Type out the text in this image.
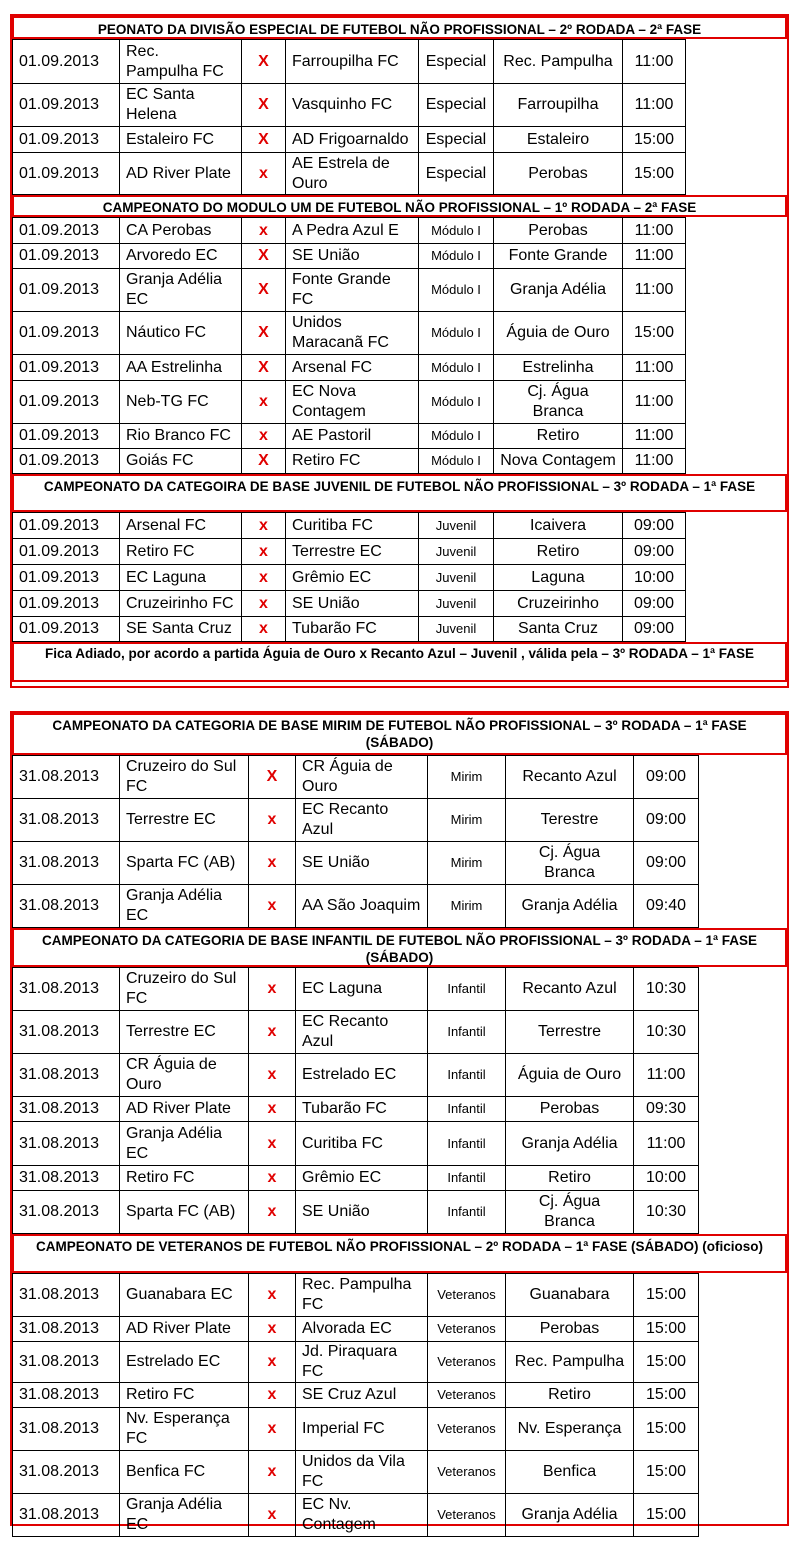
PEONATO DA DIVISÃO ESPECIAL DE FUTEBOL NÃO PROFISSIONAL – 2º RODADA – 2ª FASE
01.09.2013	Rec. Pampulha FC	X	Farroupilha FC	Especial	Rec. Pampulha	11:00
01.09.2013	EC Santa Helena	X	Vasquinho FC	Especial	Farroupilha	11:00
01.09.2013	Estaleiro FC	X	AD Frigoarnaldo	Especial	Estaleiro	15:00
01.09.2013	AD River Plate	x	AE Estrela de Ouro	Especial	Perobas	15:00
CAMPEONATO DO MODULO UM DE FUTEBOL NÃO PROFISSIONAL – 1º RODADA – 2ª FASE
01.09.2013	CA Perobas	x	A Pedra Azul E	Módulo I	Perobas	11:00
01.09.2013	Arvoredo EC	X	SE União	Módulo I	Fonte Grande	11:00
01.09.2013	Granja Adélia EC	X	Fonte Grande FC	Módulo I	Granja Adélia	11:00
01.09.2013	Náutico FC	X	Unidos Maracanã FC	Módulo I	Águia de Ouro	15:00
01.09.2013	AA Estrelinha	X	Arsenal FC	Módulo I	Estrelinha	11:00
01.09.2013	Neb-TG FC	x	EC Nova Contagem	Módulo I	Cj. Água Branca	11:00
01.09.2013	Rio Branco FC	x	AE Pastoril	Módulo I	Retiro	11:00
01.09.2013	Goiás FC	X	Retiro FC	Módulo I	Nova Contagem	11:00
CAMPEONATO DA CATEGOIRA DE BASE JUVENIL DE FUTEBOL NÃO PROFISSIONAL – 3º RODADA – 1ª FASE
01.09.2013	Arsenal FC	x	Curitiba FC	Juvenil	Icaivera	09:00
01.09.2013	Retiro FC	x	Terrestre EC	Juvenil	Retiro	09:00
01.09.2013	EC Laguna	x	Grêmio EC	Juvenil	Laguna	10:00
01.09.2013	Cruzeirinho FC	x	SE União	Juvenil	Cruzeirinho	09:00
01.09.2013	SE Santa Cruz	x	Tubarão FC	Juvenil	Santa Cruz	09:00
Fica Adiado, por acordo a partida Águia de Ouro x Recanto Azul – Juvenil , válida pela – 3º RODADA – 1ª FASE
CAMPEONATO DA CATEGORIA DE BASE MIRIM DE FUTEBOL NÃO PROFISSIONAL – 3º RODADA – 1ª FASE (SÁBADO)
31.08.2013	Cruzeiro do Sul FC	X	CR Águia de Ouro	Mirim	Recanto Azul	09:00
31.08.2013	Terrestre EC	x	EC Recanto Azul	Mirim	Terestre	09:00
31.08.2013	Sparta FC (AB)	x	SE União	Mirim	Cj. Água Branca	09:00
31.08.2013	Granja Adélia EC	x	AA São Joaquim	Mirim	Granja Adélia	09:40
CAMPEONATO DA CATEGORIA DE BASE INFANTIL DE FUTEBOL NÃO PROFISSIONAL – 3º RODADA – 1ª FASE (SÁBADO)
31.08.2013	Cruzeiro do Sul FC	x	EC Laguna	Infantil	Recanto Azul	10:30
31.08.2013	Terrestre EC	x	EC Recanto Azul	Infantil	Terrestre	10:30
31.08.2013	CR Águia de Ouro	x	Estrelado EC	Infantil	Águia de Ouro	11:00
31.08.2013	AD River Plate	x	Tubarão FC	Infantil	Perobas	09:30
31.08.2013	Granja Adélia EC	x	Curitiba FC	Infantil	Granja Adélia	11:00
31.08.2013	Retiro FC	x	Grêmio EC	Infantil	Retiro	10:00
31.08.2013	Sparta FC (AB)	x	SE União	Infantil	Cj. Água Branca	10:30
CAMPEONATO DE VETERANOS DE FUTEBOL NÃO PROFISSIONAL – 2º RODADA – 1ª FASE (SÁBADO) (oficioso)
31.08.2013	Guanabara EC	x	Rec. Pampulha FC	Veteranos	Guanabara	15:00
31.08.2013	AD River Plate	x	Alvorada EC	Veteranos	Perobas	15:00
31.08.2013	Estrelado EC	x	Jd. Piraquara FC	Veteranos	Rec. Pampulha	15:00
31.08.2013	Retiro FC	x	SE Cruz Azul	Veteranos	Retiro	15:00
31.08.2013	Nv. Esperança FC	x	Imperial FC	Veteranos	Nv. Esperança	15:00
31.08.2013	Benfica FC	x	Unidos da Vila FC	Veteranos	Benfica	15:00
31.08.2013	Granja Adélia EC	x	EC Nv. Contagem	Veteranos	Granja Adélia	15:00
